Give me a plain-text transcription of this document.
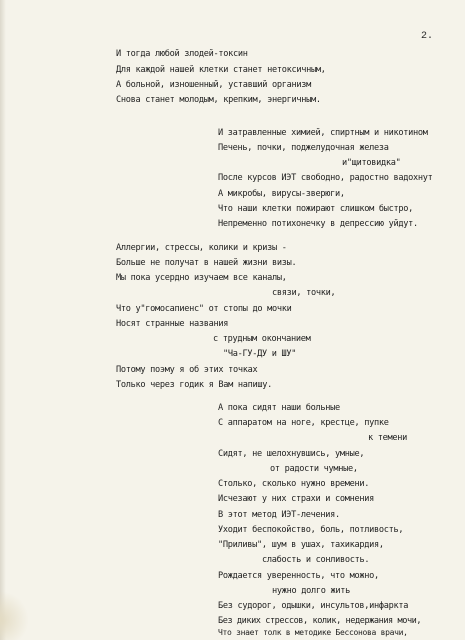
2.
И тогда любой злодей-токсин
Для каждой нашей клетки станет нетоксичным,
А больной, изношенный, уставший организм
Снова станет молодым, крепким, энергичным.
И затравленные химией, спиртным и никотином
Печень, почки, поджелудочная железа
и"щитовидка"
После курсов ИЭТ свободно, радостно вадохнут
А микробы, вирусы-зверюги,
Что наши клетки пожирают слишком быстро,
Непременно потихонечку в депрессию уйдут.
Аллергии, стрессы, колики и кризы -
Больше не получат в нашей жизни визы.
Мы пока усердно изучаем все каналы,
связи, точки,
Что у"гомосапиенс" от стопы до мочки
Носят странные названия
с трудным окончанием
"Ча-ГУ-ДУ и ШУ"
Потому поэму я об этих точках
Только через годик я Вам напишу.
А пока сидят наши больные
С аппаратом на ноге, крестце, пупке
к темени
Сидят, не шелохнувшись, умные,
от радости чумные,
Столько, сколько нужно времени.
Исчезают у них страхи и сомнения
В этот метод ИЭТ-лечения.
Уходит беспокойство, боль, потливость,
"Приливы", шум в ушах, тахикардия,
слабость и сонливость.
Рождается уверенность, что можно,
нужно долго жить
Без судорог, одышки, инсультов,инфаркта
Без диких стрессов, колик, недержания мочи,
Что знает толк в методике Бессонова врачи,
